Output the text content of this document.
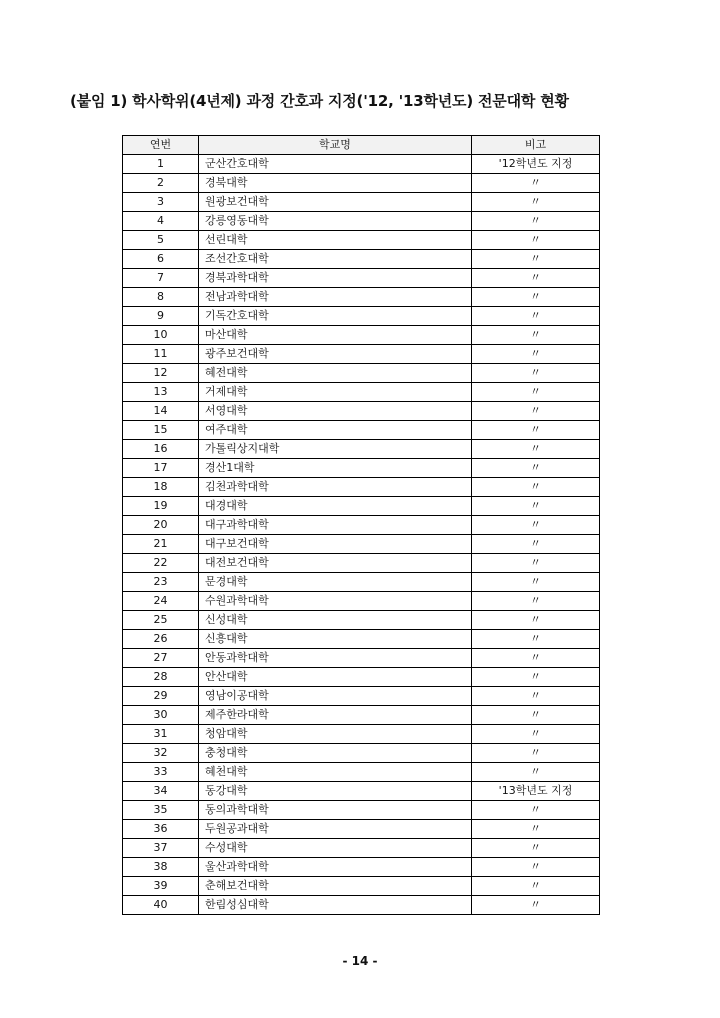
(붙임 1) 학사학위(4년제) 과정 간호과 지정('12, '13학년도) 전문대학 현황
연번	학교명	비고
1	군산간호대학	'12학년도 지정
2	경북대학	〃
3	원광보건대학	〃
4	강릉영동대학	〃
5	선린대학	〃
6	조선간호대학	〃
7	경북과학대학	〃
8	전남과학대학	〃
9	기독간호대학	〃
10	마산대학	〃
11	광주보건대학	〃
12	혜전대학	〃
13	거제대학	〃
14	서영대학	〃
15	여주대학	〃
16	가톨릭상지대학	〃
17	경산1대학	〃
18	김천과학대학	〃
19	대경대학	〃
20	대구과학대학	〃
21	대구보건대학	〃
22	대전보건대학	〃
23	문경대학	〃
24	수원과학대학	〃
25	신성대학	〃
26	신흥대학	〃
27	안동과학대학	〃
28	안산대학	〃
29	영남이공대학	〃
30	제주한라대학	〃
31	청암대학	〃
32	충청대학	〃
33	혜천대학	〃
34	동강대학	'13학년도 지정
35	동의과학대학	〃
36	두원공과대학	〃
37	수성대학	〃
38	울산과학대학	〃
39	춘해보건대학	〃
40	한림성심대학	〃
- 14 -
